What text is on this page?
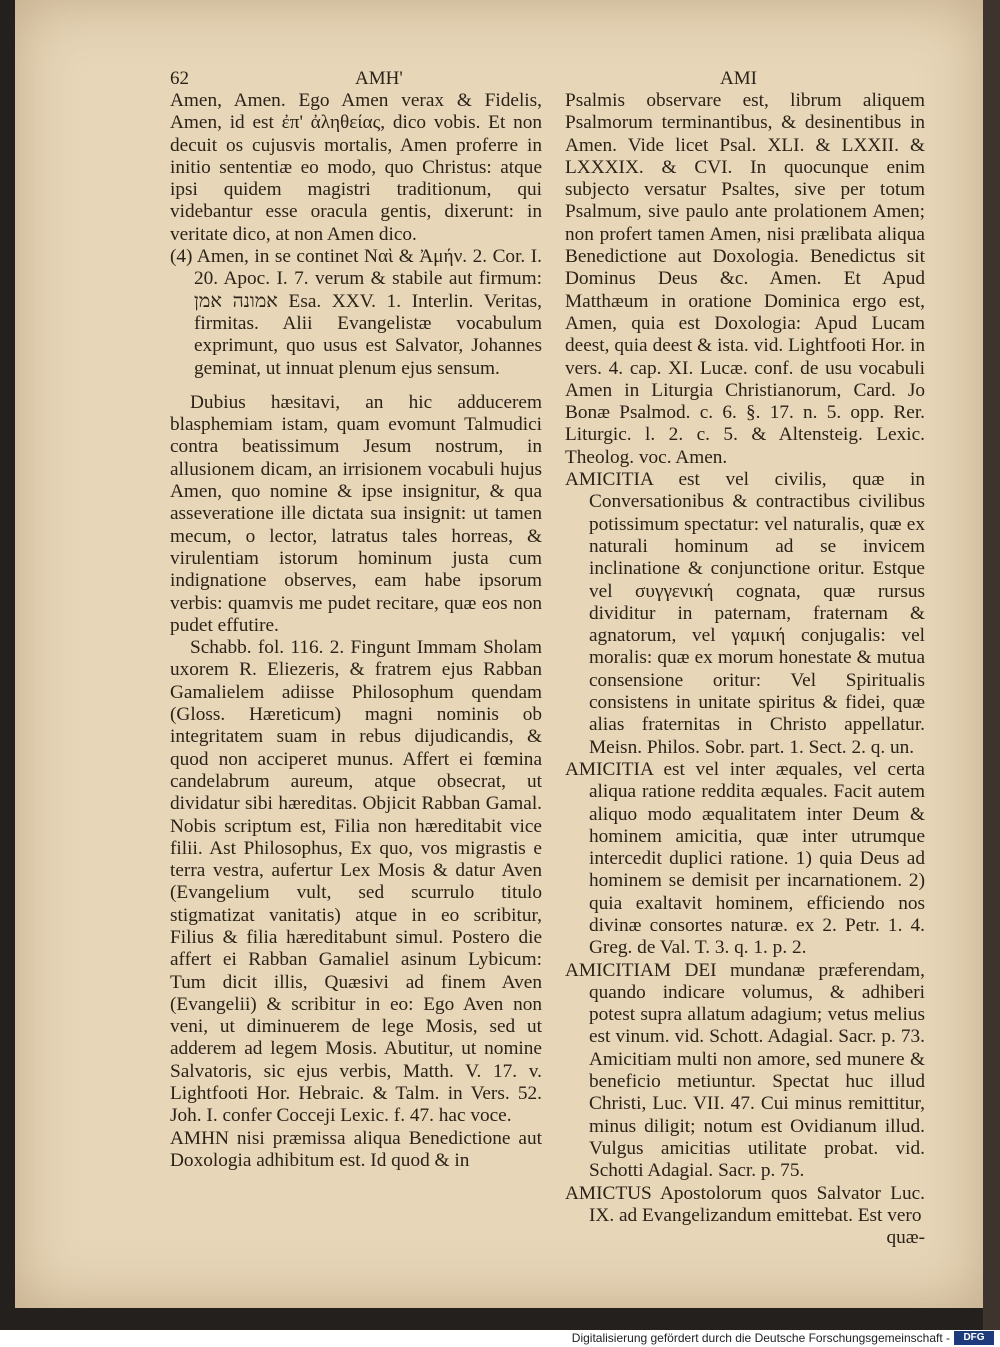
62	ΑΜΗ'	AMI

Amen, Amen. Ego Amen verax & Fidelis, Amen, id est ἐπ' ἀληθείας, dico vobis. Et non decuit os cujusvis mortalis, Amen proferre in initio sententiæ eo modo, quo Christus: atque ipsi quidem magistri traditionum, qui videbantur esse oracula gentis, dixerunt: in veritate dico, at non Amen dico.

(4) Amen, in se continet Ναὶ & Ἀμήν. 2. Cor. I. 20. Apoc. I. 7. verum & stabile aut firmum: אמונה אמן Esa. XXV. 1. Interlin. Veritas, firmitas. Alii Evangelistæ vocabulum exprimunt, quo usus est Salvator, Johannes geminat, ut innuat plenum ejus sensum.

Dubius hæsitavi, an hic adducerem blasphemiam istam, quam evomunt Talmudici contra beatissimum Jesum nostrum, in allusionem dicam, an irrisionem vocabuli hujus Amen, quo nomine & ipse insignitur, & qua asseveratione ille dictata sua insignit: ut tamen mecum, o lector, latratus tales horreas, & virulentiam istorum hominum justa cum indignatione observes, eam habe ipsorum verbis: quamvis me pudet recitare, quæ eos non pudet effutire.

Schabb. fol. 116. 2. Fingunt Immam Sholam uxorem R. Eliezeris, & fratrem ejus Rabban Gamalielem adiisse Philosophum quendam (Gloss. Hæreticum) magni nominis ob integritatem suam in rebus dijudicandis, & quod non acciperet munus. Affert ei fœmina candelabrum aureum, atque obsecrat, ut dividatur sibi hæreditas. Objicit Rabban Gamal. Nobis scriptum est, Filia non hæreditabit vice filii. Ast Philosophus, Ex quo, vos migrastis e terra vestra, aufertur Lex Mosis & datur Aven (Evangelium vult, sed scurrulo titulo stigmatizat vanitatis) atque in eo scribitur, Filius & filia hæreditabunt simul. Postero die affert ei Rabban Gamaliel asinum Lybicum: Tum dicit illis, Quæsivi ad finem Aven (Evangelii) & scribitur in eo: Ego Aven non veni, ut diminuerem de lege Mosis, sed ut adderem ad legem Mosis. Abutitur, ut nomine Salvatoris, sic ejus verbis, Matth. V. 17. v. Lightfooti Hor. Hebraic. & Talm. in Vers. 52. Joh. I. confer Coccejі Lexic. f. 47. hac voce.

ΑΜΗΝ nisi præmissa aliqua Benedictione aut Doxologia adhibitum est. Id quod & in

Psalmis observare est, librum aliquem Psalmorum terminantibus, & desinentibus in Amen. Vide licet Psal. XLI. & LXXII. & LXXXIX. & CVI. In quocunque enim subjecto versatur Psaltes, sive per totum Psalmum, sive paulo ante prolationem Amen; non profert tamen Amen, nisi prælibata aliqua Benedictione aut Doxologia. Benedictus sit Dominus Deus &c. Amen. Et Apud Matthæum in oratione Dominica ergo est, Amen, quia est Doxologia: Apud Lucam deest, quia deest & ista. vid. Lightfooti Hor. in vers. 4. cap. XI. Lucæ. conf. de usu vocabuli Amen in Liturgia Christianorum, Card. Jo Bonæ Psalmod. c. 6. §. 17. n. 5. opp. Rer. Liturgic. l. 2. c. 5. & Altensteig. Lexic. Theolog. voc. Amen.

AMICITIA est vel civilis, quæ in Conversationibus & contractibus civilibus potissimum spectatur: vel naturalis, quæ ex naturali hominum ad se invicem inclinatione & conjunctione oritur. Estque vel συγγενική cognata, quæ rursus dividitur in paternam, fraternam & agnatorum, vel γαμική conjugalis: vel moralis: quæ ex morum honestate & mutua consensione oritur: Vel Spiritualis consistens in unitate spiritus & fidei, quæ alias fraternitas in Christo appellatur. Meisn. Philos. Sobr. part. 1. Sect. 2. q. un.

AMICITIA est vel inter æquales, vel certa aliqua ratione reddita æquales. Facit autem aliquo modo æqualitatem inter Deum & hominem amicitia, quæ inter utrumque intercedit duplici ratione. 1) quia Deus ad hominem se demisit per incarnationem. 2) quia exaltavit hominem, efficiendo nos divinæ consortes naturæ. ex 2. Petr. 1. 4. Greg. de Val. T. 3. q. 1. p. 2.

AMICITIAM DEI mundanæ præferendam, quando indicare volumus, & adhiberi potest supra allatum adagium; vetus melius est vinum. vid. Schott. Adagial. Sacr. p. 73. Amicitiam multi non amore, sed munere & beneficio metiuntur. Spectat huc illud Christi, Luc. VII. 47. Cui minus remittitur, minus diligit; notum est Ovidianum illud. Vulgus amicitias utilitate probat. vid. Schotti Adagial. Sacr. p. 75.

AMICTUS Apostolorum quos Salvator Luc. IX. ad Evangelizandum emittebat. Est vero

quæ-

Digitalisierung gefördert durch die Deutsche Forschungsgemeinschaft -	DFG
